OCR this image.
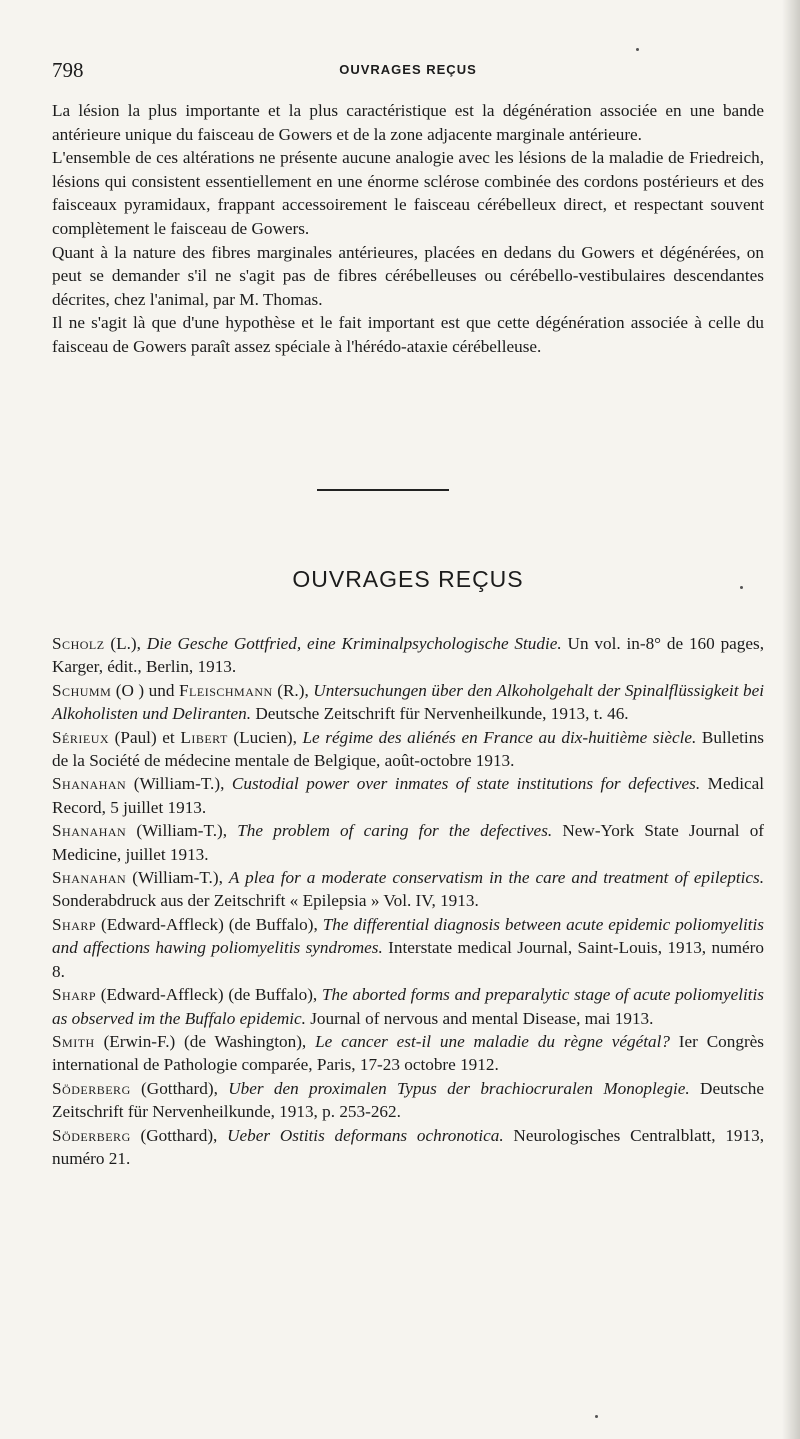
798	OUVRAGES REÇUS

La lésion la plus importante et la plus caractéristique est la dégénération associée en une bande antérieure unique du faisceau de Gowers et de la zone adjacente marginale antérieure.

L'ensemble de ces altérations ne présente aucune analogie avec les lésions de la maladie de Friedreich, lésions qui consistent essentiellement en une énorme sclérose combinée des cordons postérieurs et des faisceaux pyramidaux, frappant accessoirement le faisceau cérébelleux direct, et respectant souvent complètement le faisceau de Gowers.

Quant à la nature des fibres marginales antérieures, placées en dedans du Gowers et dégénérées, on peut se demander s'il ne s'agit pas de fibres cérébelleuses ou cérébello-vestibulaires descendantes décrites, chez l'animal, par M. Thomas.

Il ne s'agit là que d'une hypothèse et le fait important est que cette dégénération associée à celle du faisceau de Gowers paraît assez spéciale à l'hérédo-ataxie cérébelleuse.

OUVRAGES REÇUS

Scholz (L.), Die Gesche Gottfried, eine Kriminalpsychologische Studie. Un vol. in-8° de 160 pages, Karger, édit., Berlin, 1913.

Schumm (O ) und Fleischmann (R.), Untersuchungen über den Alkoholgehalt der Spinalflüssigkeit bei Alkoholisten und Deliranten. Deutsche Zeitschrift für Nervenheilkunde, 1913, t. 46.

Sérieux (Paul) et Libert (Lucien), Le régime des aliénés en France au dix-huitième siècle. Bulletins de la Société de médecine mentale de Belgique, août-octobre 1913.

Shanahan (William-T.), Custodial power over inmates of state institutions for defectives. Medical Record, 5 juillet 1913.

Shanahan (William-T.), The problem of caring for the defectives. New-York State Journal of Medicine, juillet 1913.

Shanahan (William-T.), A plea for a moderate conservatism in the care and treatment of epileptics. Sonderabdruck aus der Zeitschrift « Epilepsia » Vol. IV, 1913.

Sharp (Edward-Affleck) (de Buffalo), The differential diagnosis between acute epidemic poliomyelitis and affections hawing poliomyelitis syndromes. Interstate medical Journal, Saint-Louis, 1913, numéro 8.

Sharp (Edward-Affleck) (de Buffalo), The aborted forms and preparalytic stage of acute poliomyelitis as observed im the Buffalo epidemic. Journal of nervous and mental Disease, mai 1913.

Smith (Erwin-F.) (de Washington), Le cancer est-il une maladie du règne végétal? Ier Congrès international de Pathologie comparée, Paris, 17-23 octobre 1912.

Söderberg (Gotthard), Uber den proximalen Typus der brachiocruralen Monoplegie. Deutsche Zeitschrift für Nervenheilkunde, 1913, p. 253-262.

Söderberg (Gotthard), Ueber Ostitis deformans ochronotica. Neurologisches Centralblatt, 1913, numéro 21.
